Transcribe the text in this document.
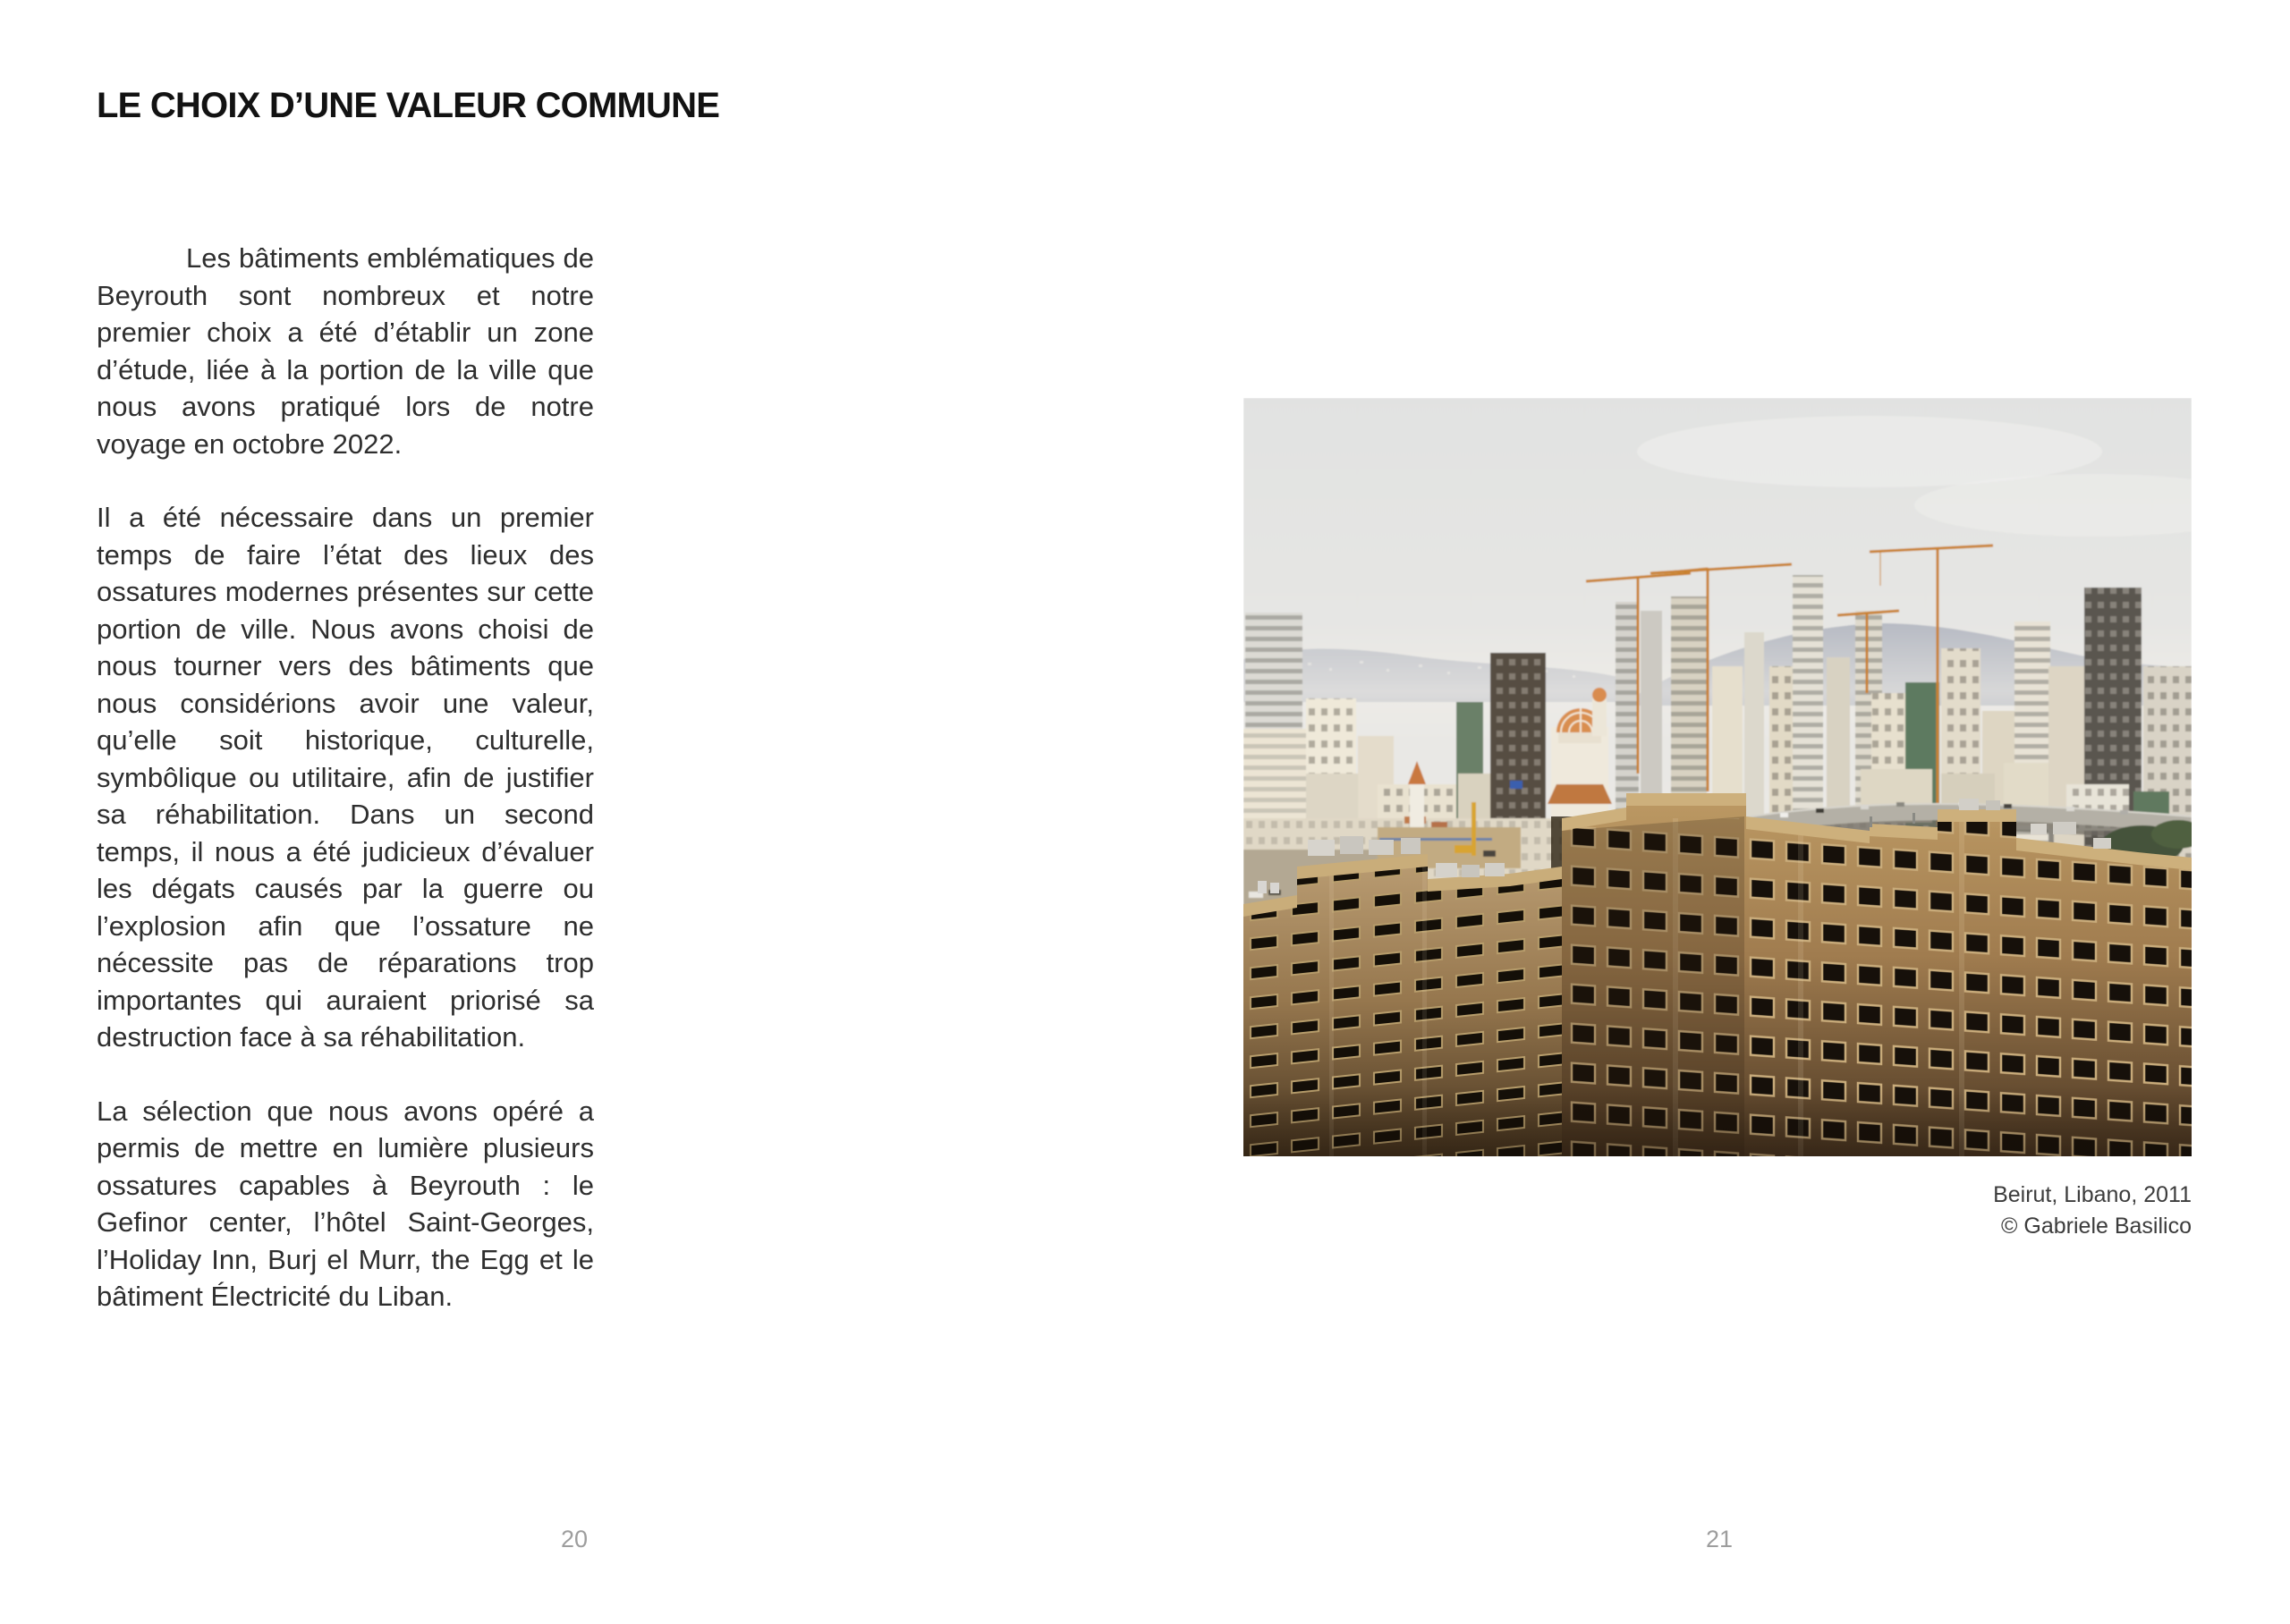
LE CHOIX D’UNE VALEUR COMMUNE

Les bâtiments emblématiques de Beyrouth sont nombreux et notre premier choix a été d’établir un zone d’étude, liée à la portion de la ville que nous avons pratiqué lors de notre voyage en octobre 2022.

Il a été nécessaire dans un premier temps de faire l’état des lieux des ossatures modernes présentes sur cette portion de ville. Nous avons choisi de nous tourner vers des bâtiments que nous considérions avoir une valeur, qu’elle soit historique, culturelle, symbôlique ou utilitaire, afin de justifier sa réhabilitation. Dans un second temps, il nous a été judicieux d’évaluer les dégats causés par la guerre ou l’explosion afin que l’ossature ne nécessite pas de réparations trop importantes qui auraient priorisé sa destruction face à sa réhabilitation.

La sélection que nous avons opéré a permis de mettre en lumière plusieurs ossatures capables à Beyrouth : le Gefinor center, l’hôtel Saint-Georges, l’Holiday Inn, Burj el Murr, the Egg et le bâtiment Électricité du Liban.

20
Beirut, Libano, 2011
© Gabriele Basilico
21
